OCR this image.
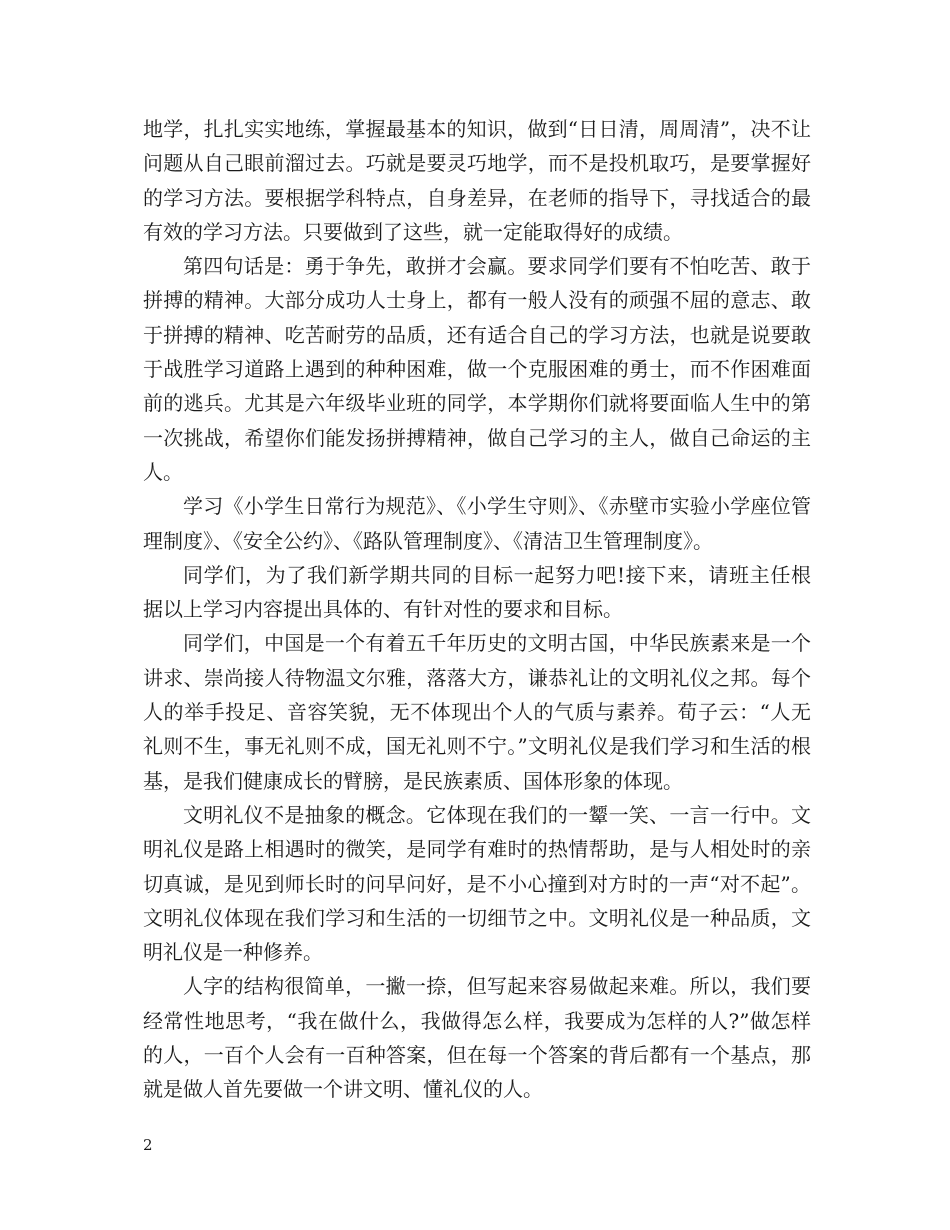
地学，扎扎实实地练，掌握最基本的知识，做到“日日清，周周清”，决不让问题从自己眼前溜过去。巧就是要灵巧地学，而不是投机取巧，是要掌握好的学习方法。要根据学科特点，自身差异，在老师的指导下，寻找适合的最有效的学习方法。只要做到了这些，就一定能取得好的成绩。

第四句话是：勇于争先，敢拼才会赢。要求同学们要有不怕吃苦、敢于拼搏的精神。大部分成功人士身上，都有一般人没有的顽强不屈的意志、敢于拼搏的精神、吃苦耐劳的品质，还有适合自己的学习方法，也就是说要敢于战胜学习道路上遇到的种种困难，做一个克服困难的勇士，而不作困难面前的逃兵。尤其是六年级毕业班的同学，本学期你们就将要面临人生中的第一次挑战，希望你们能发扬拼搏精神，做自己学习的主人，做自己命运的主人。

学习《小学生日常行为规范》、《小学生守则》、《赤壁市实验小学座位管理制度》、《安全公约》、《路队管理制度》、《清洁卫生管理制度》。

同学们，为了我们新学期共同的目标一起努力吧!接下来，请班主任根据以上学习内容提出具体的、有针对性的要求和目标。

同学们，中国是一个有着五千年历史的文明古国，中华民族素来是一个讲求、崇尚接人待物温文尔雅，落落大方，谦恭礼让的文明礼仪之邦。每个人的举手投足、音容笑貌，无不体现出个人的气质与素养。荀子云：“人无礼则不生，事无礼则不成，国无礼则不宁。”文明礼仪是我们学习和生活的根基，是我们健康成长的臂膀，是民族素质、国体形象的体现。

文明礼仪不是抽象的概念。它体现在我们的一颦一笑、一言一行中。文明礼仪是路上相遇时的微笑，是同学有难时的热情帮助，是与人相处时的亲切真诚，是见到师长时的问早问好，是不小心撞到对方时的一声“对不起”。文明礼仪体现在我们学习和生活的一切细节之中。文明礼仪是一种品质，文明礼仪是一种修养。

人字的结构很简单，一撇一捺，但写起来容易做起来难。所以，我们要经常性地思考，“我在做什么，我做得怎么样，我要成为怎样的人?”做怎样的人，一百个人会有一百种答案，但在每一个答案的背后都有一个基点，那就是做人首先要做一个讲文明、懂礼仪的人。

2
